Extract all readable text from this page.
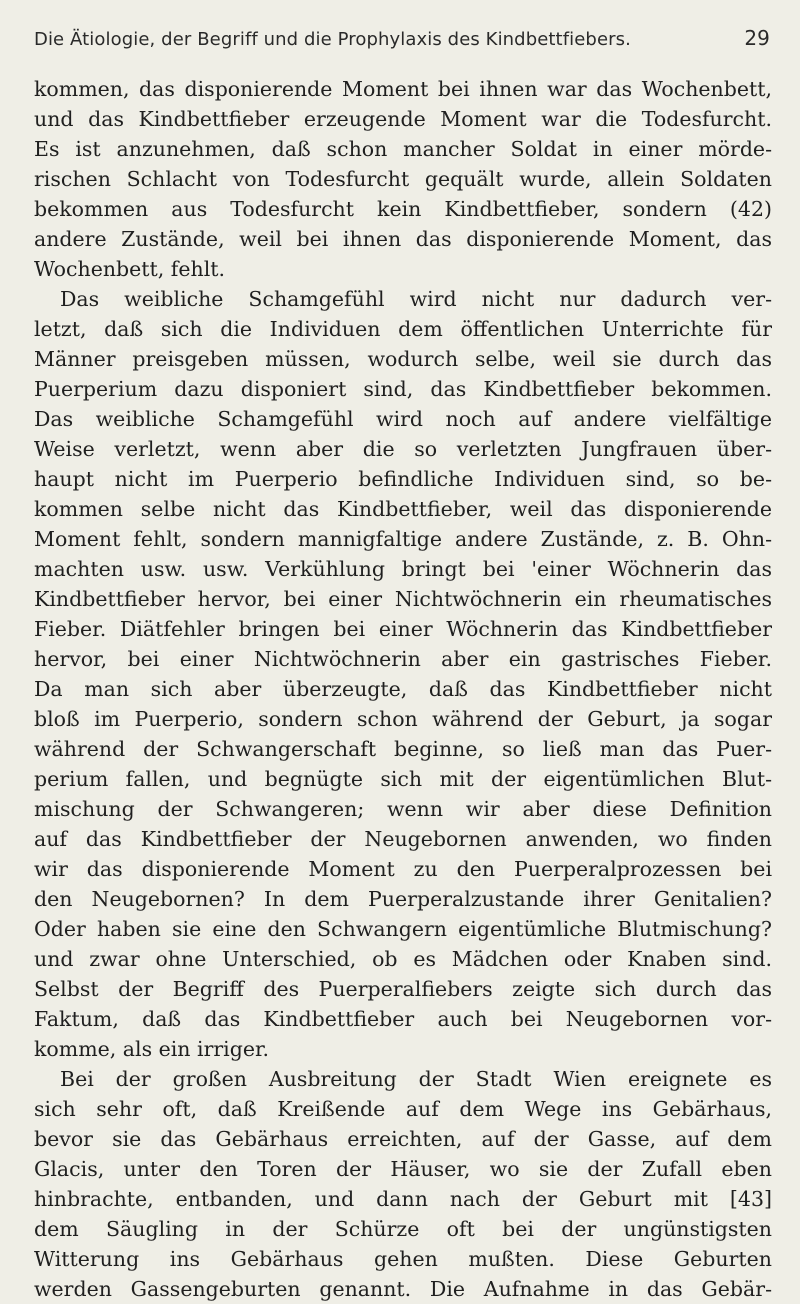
Die Ätiologie, der Begriff und die Prophylaxis des Kindbettfiebers.	29
kommen, das disponierende Moment bei ihnen war das Wochenbett,
und das Kindbettfieber erzeugende Moment war die Todesfurcht.
Es ist anzunehmen, daß schon mancher Soldat in einer mörde-
rischen Schlacht von Todesfurcht gequält wurde, allein Soldaten
bekommen aus Todesfurcht kein Kindbettfieber, sondern (42)
andere Zustände, weil bei ihnen das disponierende Moment, das
Wochenbett, fehlt.
Das weibliche Schamgefühl wird nicht nur dadurch ver-
letzt, daß sich die Individuen dem öffentlichen Unterrichte für
Männer preisgeben müssen, wodurch selbe, weil sie durch das
Puerperium dazu disponiert sind, das Kindbettfieber bekommen.
Das weibliche Schamgefühl wird noch auf andere vielfältige
Weise verletzt, wenn aber die so verletzten Jungfrauen über-
haupt nicht im Puerperio befindliche Individuen sind, so be-
kommen selbe nicht das Kindbettfieber, weil das disponierende
Moment fehlt, sondern mannigfaltige andere Zustände, z. B. Ohn-
machten usw. usw. Verkühlung bringt bei 'einer Wöchnerin das
Kindbettfieber hervor, bei einer Nichtwöchnerin ein rheumatisches
Fieber. Diätfehler bringen bei einer Wöchnerin das Kindbettfieber
hervor, bei einer Nichtwöchnerin aber ein gastrisches Fieber.
Da man sich aber überzeugte, daß das Kindbettfieber nicht
bloß im Puerperio, sondern schon während der Geburt, ja sogar
während der Schwangerschaft beginne, so ließ man das Puer-
perium fallen, und begnügte sich mit der eigentümlichen Blut-
mischung der Schwangeren; wenn wir aber diese Definition
auf das Kindbettfieber der Neugebornen anwenden, wo finden
wir das disponierende Moment zu den Puerperalprozessen bei
den Neugebornen? In dem Puerperalzustande ihrer Genitalien?
Oder haben sie eine den Schwangern eigentümliche Blutmischung?
und zwar ohne Unterschied, ob es Mädchen oder Knaben sind.
Selbst der Begriff des Puerperalfiebers zeigte sich durch das
Faktum, daß das Kindbettfieber auch bei Neugebornen vor-
komme, als ein irriger.
Bei der großen Ausbreitung der Stadt Wien ereignete es
sich sehr oft, daß Kreißende auf dem Wege ins Gebärhaus,
bevor sie das Gebärhaus erreichten, auf der Gasse, auf dem
Glacis, unter den Toren der Häuser, wo sie der Zufall eben
hinbrachte, entbanden, und dann nach der Geburt mit [43]
dem Säugling in der Schürze oft bei der ungünstigsten
Witterung ins Gebärhaus gehen mußten. Diese Geburten
werden Gassengeburten genannt. Die Aufnahme in das Gebär-
